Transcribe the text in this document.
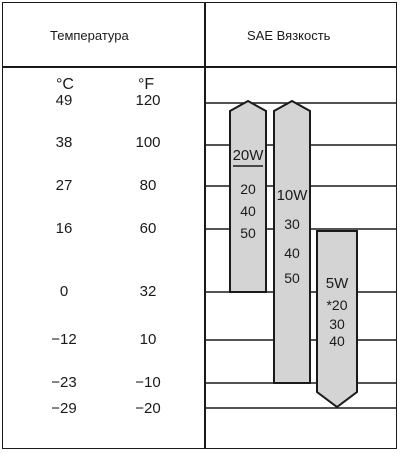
Температура	SAE Вязкость
°C	°F
49	120
38	100
27	80
16	60
0	32
−12	10
−23	−10
−29	−20
20W
20
40
50
10W
30
40
50 5W
*20
30
40
